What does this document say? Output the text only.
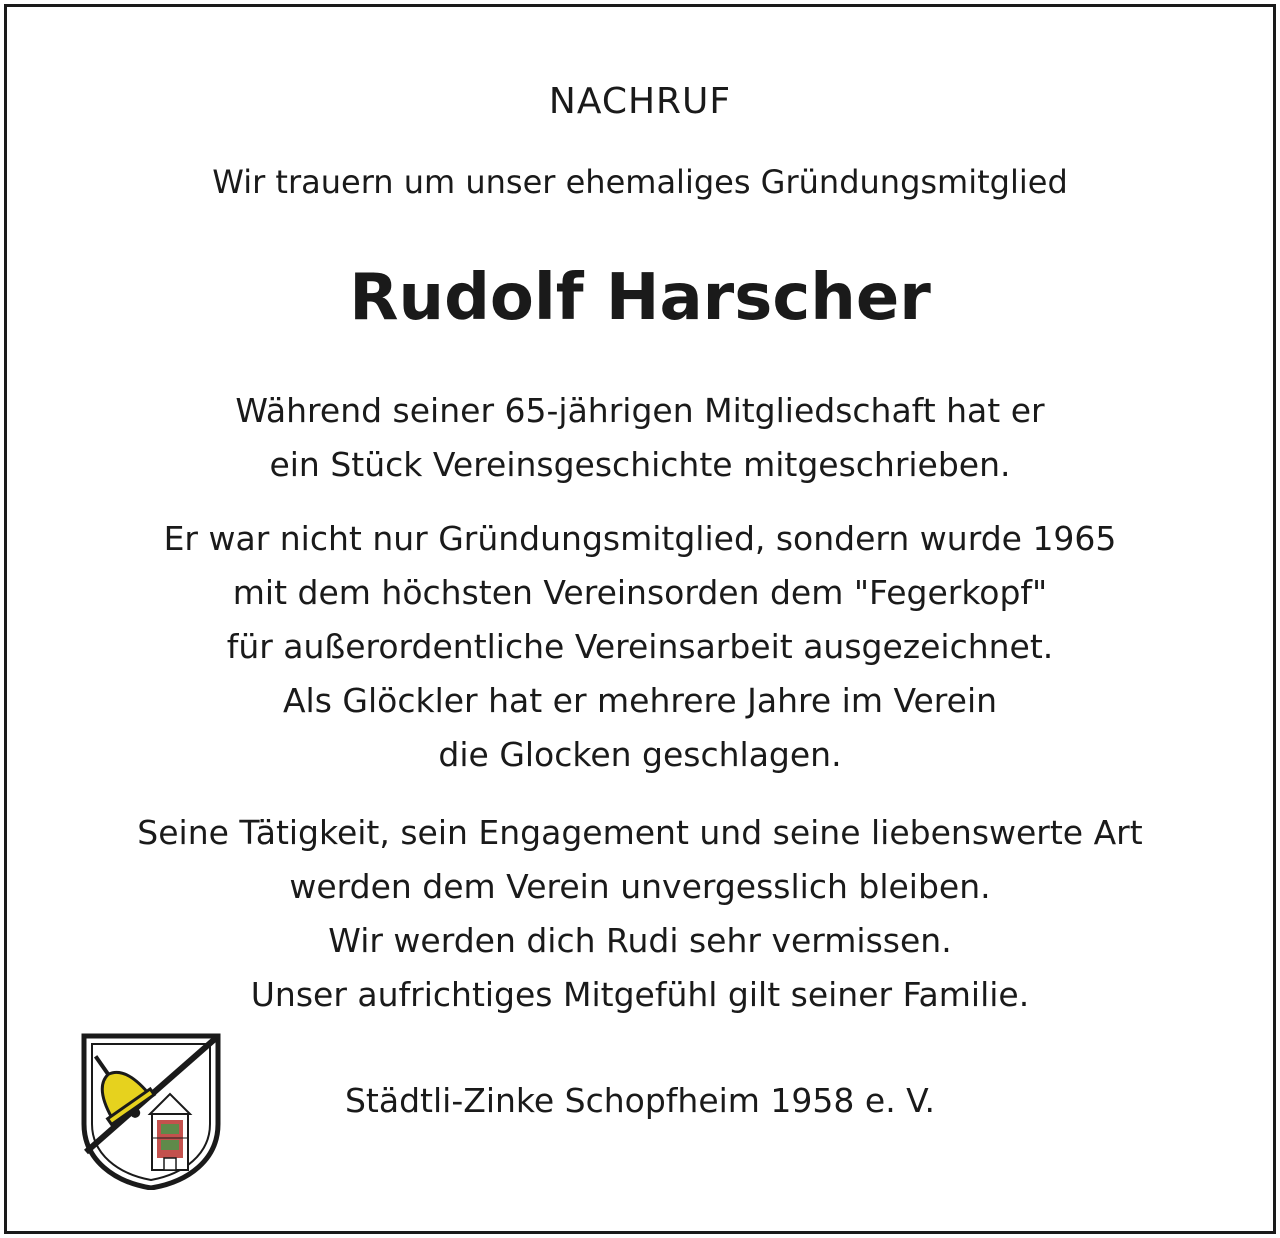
NACHRUF
Wir trauern um unser ehemaliges Gründungsmitglied
Rudolf Harscher
Während seiner 65-jährigen Mitgliedschaft hat er
ein Stück Vereinsgeschichte mitgeschrieben.
Er war nicht nur Gründungsmitglied, sondern wurde 1965
mit dem höchsten Vereinsorden dem "Fegerkopf"
für außerordentliche Vereinsarbeit ausgezeichnet.
Als Glöckler hat er mehrere Jahre im Verein
die Glocken geschlagen.
Seine Tätigkeit, sein Engagement und seine liebenswerte Art
werden dem Verein unvergesslich bleiben.
Wir werden dich Rudi sehr vermissen.
Unser aufrichtiges Mitgefühl gilt seiner Familie.
Städtli-Zinke Schopfheim 1958 e. V.
